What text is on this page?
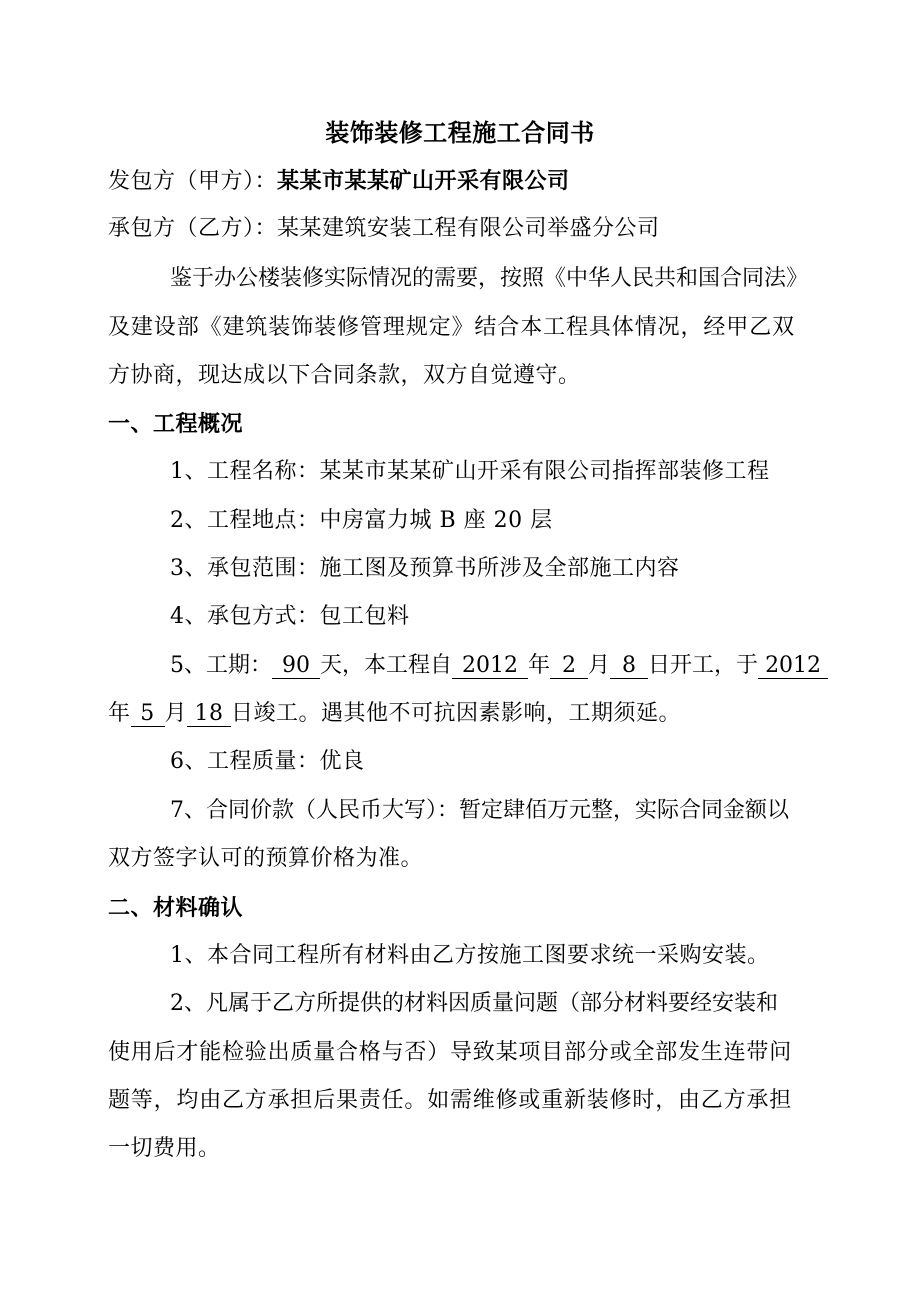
装饰装修工程施工合同书
发包方（甲方）：某某市某某矿山开采有限公司
承包方（乙方）：某某建筑安装工程有限公司举盛分公司
鉴于办公楼装修实际情况的需要，按照《中华人民共和国合同法》
及建设部《建筑装饰装修管理规定》结合本工程具体情况，经甲乙双
方协商，现达成以下合同条款，双方自觉遵守。
一、工程概况
1、工程名称：某某市某某矿山开采有限公司指挥部装修工程
2、工程地点：中房富力城 B 座 20 层
3、承包范围：施工图及预算书所涉及全部施工内容
4、承包方式：包工包料
5、工期： 90 天，本工程自 2012 年 2 月 8 日开工，于 2012
年 5 月 18 日竣工。遇其他不可抗因素影响，工期须延。
6、工程质量：优良
7、合同价款（人民币大写）：暂定肆佰万元整，实际合同金额以
双方签字认可的预算价格为准。
二、材料确认
1、本合同工程所有材料由乙方按施工图要求统一采购安装。
2、凡属于乙方所提供的材料因质量问题（部分材料要经安装和
使用后才能检验出质量合格与否）导致某项目部分或全部发生连带问
题等，均由乙方承担后果责任。如需维修或重新装修时，由乙方承担
一切费用。
